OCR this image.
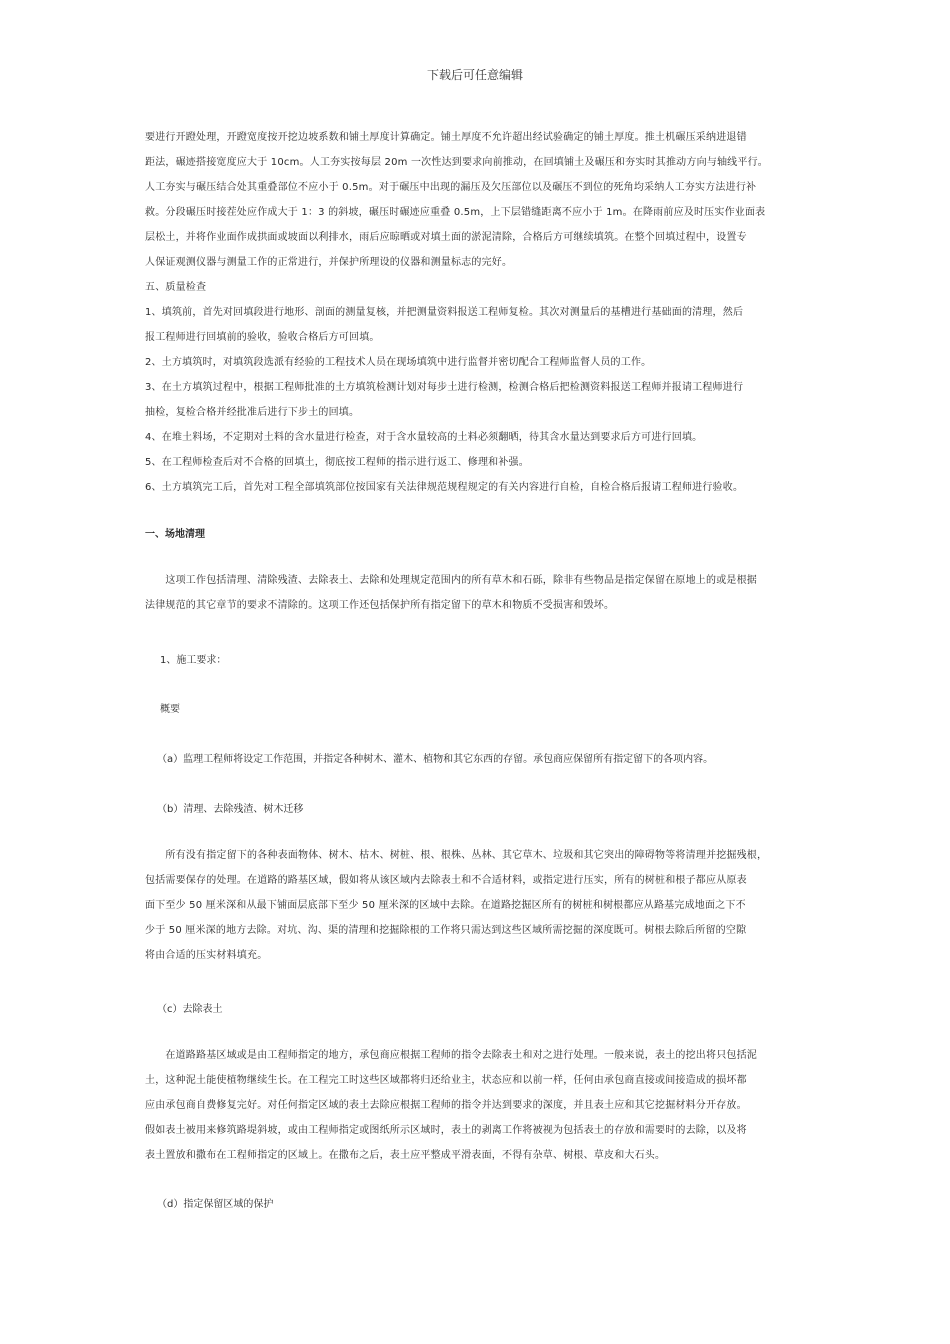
下载后可任意编辑
要进行开蹬处理，开蹬宽度按开挖边坡系数和铺土厚度计算确定。铺土厚度不允许超出经试验确定的铺土厚度。推土机碾压采纳进退错
距法，碾迹搭接宽度应大于 10cm。人工夯实按每层 20m 一次性达到要求向前推动，在回填铺土及碾压和夯实时其推动方向与轴线平行。
人工夯实与碾压结合处其重叠部位不应小于 0.5m。对于碾压中出现的漏压及欠压部位以及碾压不到位的死角均采纳人工夯实方法进行补
救。分段碾压时接茬处应作成大于 1：3 的斜坡，碾压时碾迹应重叠 0.5m，上下层错缝距离不应小于 1m。在降雨前应及时压实作业面表
层松土，并将作业面作成拱面或坡面以利排水，雨后应晾晒或对填土面的淤泥清除，合格后方可继续填筑。在整个回填过程中，设置专
人保证观测仪器与测量工作的正常进行，并保护所理设的仪器和测量标志的完好。
五、质量检查
1、填筑前，首先对回填段进行地形、剖面的测量复核，并把测量资料报送工程师复检。其次对测量后的基槽进行基础面的清理，然后
报工程师进行回填前的验收，验收合格后方可回填。
2、土方填筑时，对填筑段选派有经验的工程技术人员在现场填筑中进行监督并密切配合工程师监督人员的工作。
3、在土方填筑过程中，根据工程师批准的土方填筑检测计划对每步土进行检测，检测合格后把检测资料报送工程师并报请工程师进行
抽检，复检合格并经批准后进行下步土的回填。
4、在堆土料场，不定期对土料的含水量进行检查，对于含水量较高的土料必须翻晒，待其含水量达到要求后方可进行回填。
5、在工程师检查后对不合格的回填土，彻底按工程师的指示进行返工、修理和补强。
6、土方填筑完工后，首先对工程全部填筑部位按国家有关法律规范规程规定的有关内容进行自检，自检合格后报请工程师进行验收。
一、场地清理
　　这项工作包括清理、清除残渣、去除表土、去除和处理规定范围内的所有草木和石砾，除非有些物品是指定保留在原地上的或是根据
法律规范的其它章节的要求不清除的。这项工作还包括保护所有指定留下的草木和物质不受损害和毁坏。
1、施工要求：
概要
（a）监理工程师将设定工作范围，并指定各种树木、灌木、植物和其它东西的存留。承包商应保留所有指定留下的各项内容。
（b）清理、去除残渣、树木迁移
　　所有没有指定留下的各种表面物体、树木、枯木、树桩、根、根株、丛林、其它草木、垃圾和其它突出的障碍物等将清理并挖掘残根，
包括需要保存的处理。在道路的路基区域，假如将从该区域内去除表土和不合适材料，或指定进行压实，所有的树桩和根子都应从原表
面下至少 50 厘米深和从最下铺面层底部下至少 50 厘米深的区域中去除。在道路挖掘区所有的树桩和树根都应从路基完成地面之下不
少于 50 厘米深的地方去除。对坑、沟、渠的清理和挖掘除根的工作将只需达到这些区域所需挖掘的深度既可。树根去除后所留的空隙
将由合适的压实材料填充。
（c）去除表土
　　在道路路基区域或是由工程师指定的地方，承包商应根据工程师的指令去除表土和对之进行处理。一般来说，表土的挖出将只包括泥
土，这种泥土能使植物继续生长。在工程完工时这些区域都将归还给业主，状态应和以前一样，任何由承包商直接或间接造成的损坏都
应由承包商自费修复完好。对任何指定区域的表土去除应根据工程师的指令并达到要求的深度，并且表土应和其它挖掘材料分开存放。
假如表土被用来修筑路堤斜坡，或由工程师指定或图纸所示区域时，表土的剥离工作将被视为包括表土的存放和需要时的去除，以及将
表土置放和撒布在工程师指定的区域上。在撒布之后，表土应平整成平滑表面，不得有杂草、树根、草皮和大石头。
（d）指定保留区域的保护
